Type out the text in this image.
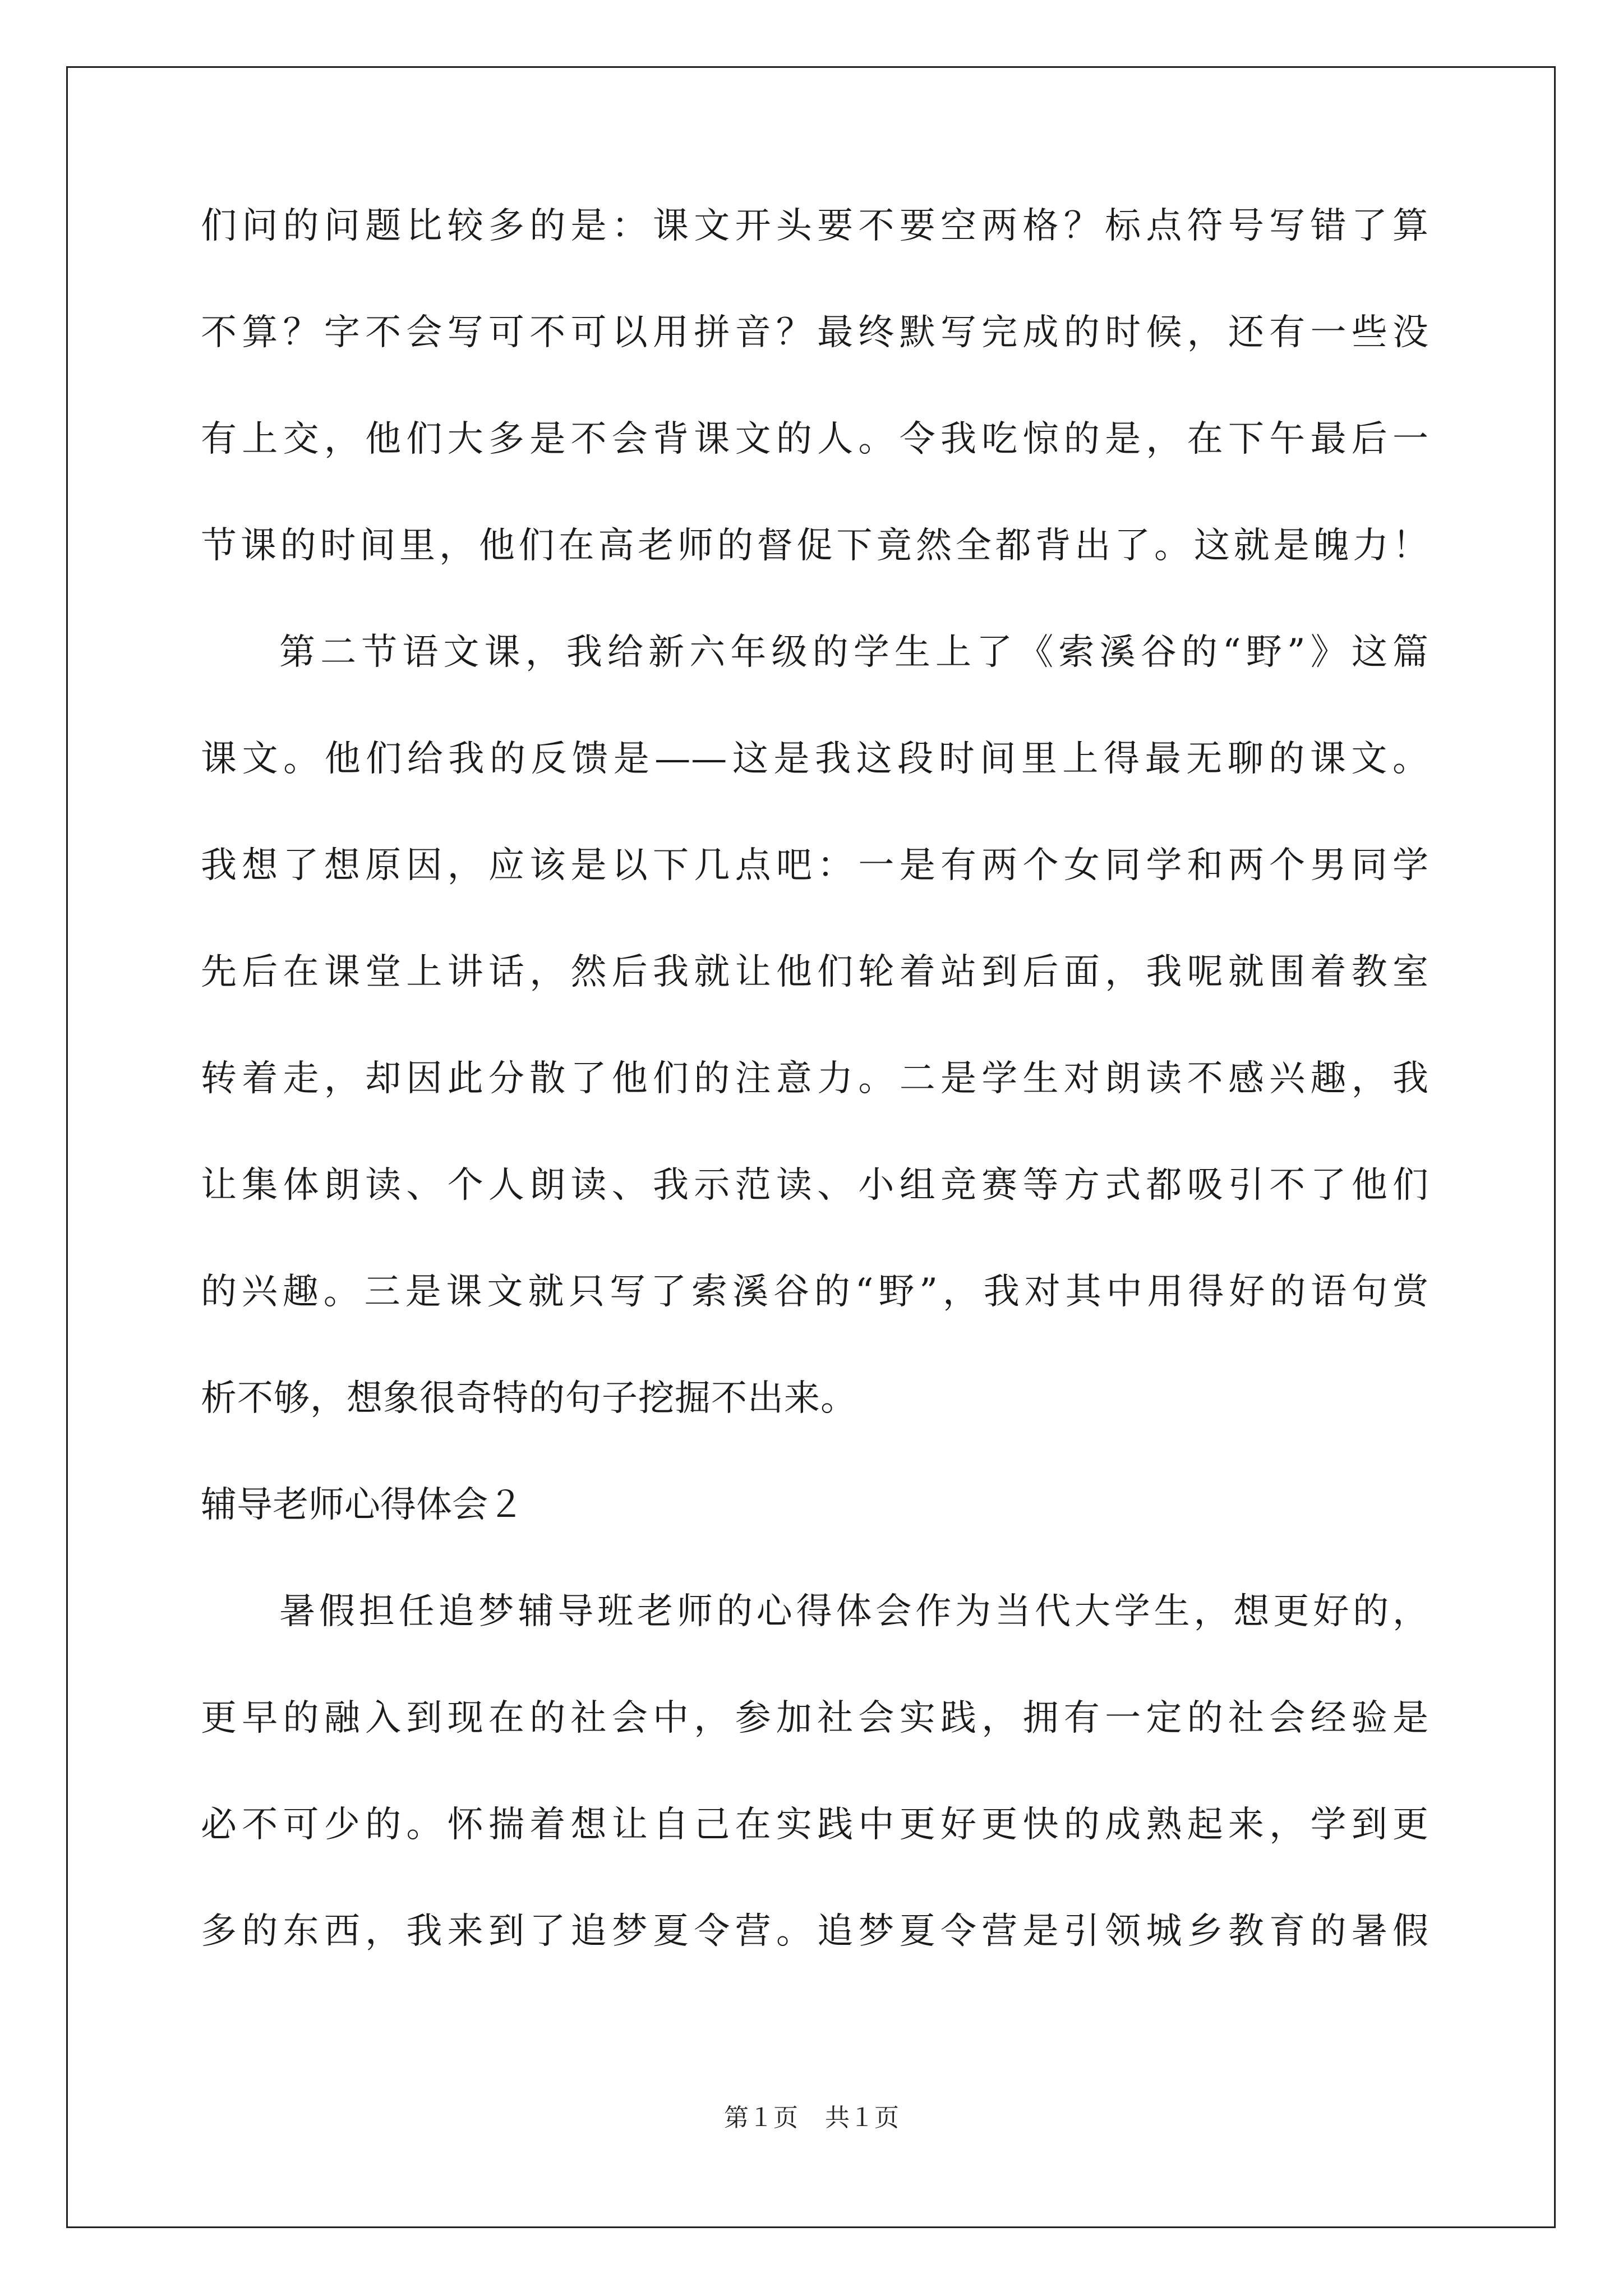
们问的问题比较多的是：课文开头要不要空两格？标点符号写错了算
不算？字不会写可不可以用拼音？最终默写完成的时候，还有一些没
有上交，他们大多是不会背课文的人。令我吃惊的是，在下午最后一
节课的时间里，他们在高老师的督促下竟然全都背出了。这就是魄力！
第二节语文课，我给新六年级的学生上了《索溪谷的“野”》这篇
课文。他们给我的反馈是——这是我这段时间里上得最无聊的课文。
我想了想原因，应该是以下几点吧：一是有两个女同学和两个男同学
先后在课堂上讲话，然后我就让他们轮着站到后面，我呢就围着教室
转着走，却因此分散了他们的注意力。二是学生对朗读不感兴趣，我
让集体朗读、个人朗读、我示范读、小组竞赛等方式都吸引不了他们
的兴趣。三是课文就只写了索溪谷的“野”，我对其中用得好的语句赏
析不够，想象很奇特的句子挖掘不出来。
辅导老师心得体会２
暑假担任追梦辅导班老师的心得体会作为当代大学生，想更好的，
更早的融入到现在的社会中，参加社会实践，拥有一定的社会经验是
必不可少的。怀揣着想让自己在实践中更好更快的成熟起来，学到更
多的东西，我来到了追梦夏令营。追梦夏令营是引领城乡教育的暑假
第１页 共１页
